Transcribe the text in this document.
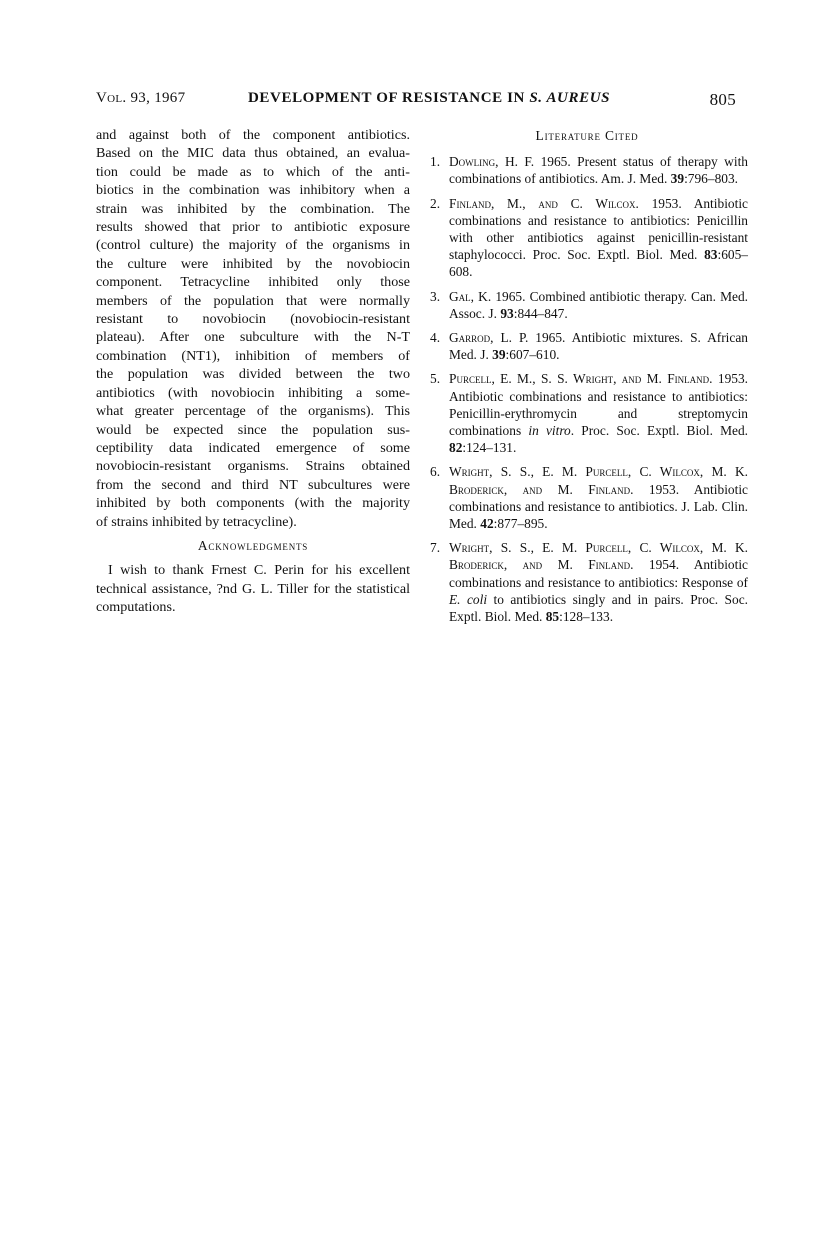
Vol. 93, 1967	DEVELOPMENT OF RESISTANCE IN S. AUREUS	805

and against both of the component antibiotics.
Based on the MIC data thus obtained, an evalua-
tion could be made as to which of the anti-
biotics in the combination was inhibitory when a
strain was inhibited by the combination. The
results showed that prior to antibiotic exposure
(control culture) the majority of the organisms in
the culture were inhibited by the novobiocin
component. Tetracycline inhibited only those
members of the population that were normally
resistant to novobiocin (novobiocin-resistant
plateau). After one subculture with the N-T
combination (NT1), inhibition of members of
the population was divided between the two
antibiotics (with novobiocin inhibiting a some-
what greater percentage of the organisms). This
would be expected since the population sus-
ceptibility data indicated emergence of some
novobiocin-resistant organisms. Strains obtained
from the second and third NT subcultures were
inhibited by both components (with the majority
of strains inhibited by tetracycline).

Acknowledgments

I wish to thank Frnest C. Perin for his excellent
technical assistance, ?nd G. L. Tiller for the statistical
computations.

Literature Cited
1. Dowling, H. F. 1965. Present status of therapy with combinations of antibiotics. Am. J. Med. 39:796–803.
2. Finland, M., and C. Wilcox. 1953. Antibiotic combinations and resistance to antibiotics: Penicillin with other antibiotics against penicillin-resistant staphylococci. Proc. Soc. Exptl. Biol. Med. 83:605–608.
3. Gal, K. 1965. Combined antibiotic therapy. Can. Med. Assoc. J. 93:844–847.
4. Garrod, L. P. 1965. Antibiotic mixtures. S. African Med. J. 39:607–610.
5. Purcell, E. M., S. S. Wright, and M. Finland. 1953. Antibiotic combinations and resistance to antibiotics: Penicillin-erythromycin and streptomycin combinations in vitro. Proc. Soc. Exptl. Biol. Med. 82:124–131.
6. Wright, S. S., E. M. Purcell, C. Wilcox, M. K. Broderick, and M. Finland. 1953. Antibiotic combinations and resistance to antibiotics. J. Lab. Clin. Med. 42:877–895.
7. Wright, S. S., E. M. Purcell, C. Wilcox, M. K. Broderick, and M. Finland. 1954. Antibiotic combinations and resistance to antibiotics: Response of E. coli to antibiotics singly and in pairs. Proc. Soc. Exptl. Biol. Med. 85:128–133.
